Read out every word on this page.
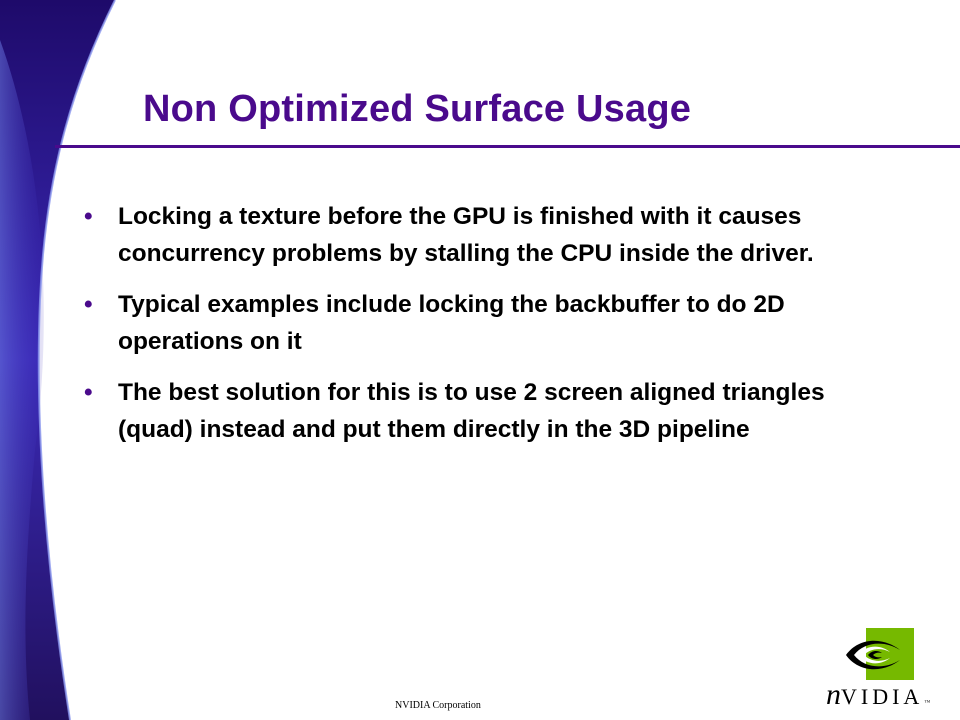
Non Optimized Surface Usage
• Locking a texture before the GPU is finished with it causes concurrency problems by stalling the CPU inside the driver.
• Typical examples include locking the backbuffer to do 2D operations on it
• The best solution for this is to use 2 screen aligned triangles (quad) instead and put them directly in the 3D pipeline
NVIDIA Corporation	n VIDIA ™
